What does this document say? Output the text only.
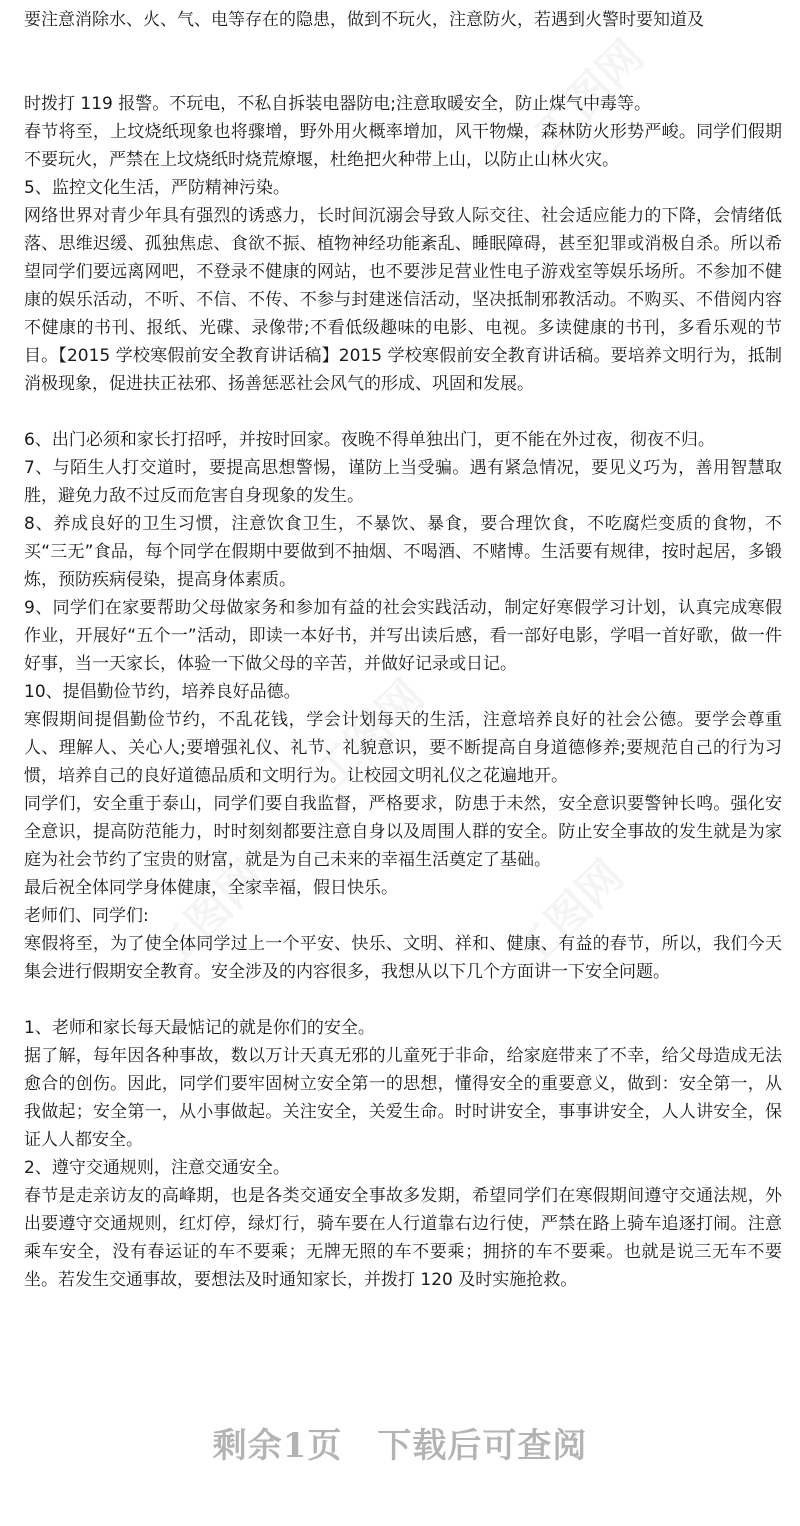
要注意消除水、火、气、电等存在的隐患，做到不玩火，注意防火，若遇到火警时要知道及

时拨打 119 报警。不玩电，不私自拆装电器防电;注意取暖安全，防止煤气中毒等。

春节将至，上坟烧纸现象也将骤增，野外用火概率增加，风干物燥，森林防火形势严峻。同学们假期不要玩火，严禁在上坟烧纸时烧荒燎堰，杜绝把火种带上山，以防止山林火灾。

5、监控文化生活，严防精神污染。

网络世界对青少年具有强烈的诱惑力，长时间沉溺会导致人际交往、社会适应能力的下降，会情绪低落、思维迟缓、孤独焦虑、食欲不振、植物神经功能紊乱、睡眠障碍，甚至犯罪或消极自杀。所以希望同学们要远离网吧，不登录不健康的网站，也不要涉足营业性电子游戏室等娱乐场所。不参加不健康的娱乐活动，不听、不信、不传、不参与封建迷信活动，坚决抵制邪教活动。不购买、不借阅内容不健康的书刊、报纸、光碟、录像带;不看低级趣味的电影、电视。多读健康的书刊，多看乐观的节目。【2015 学校寒假前安全教育讲话稿】2015 学校寒假前安全教育讲话稿。要培养文明行为，抵制消极现象，促进扶正祛邪、扬善惩恶社会风气的形成、巩固和发展。

6、出门必须和家长打招呼，并按时回家。夜晚不得单独出门，更不能在外过夜，彻夜不归。

7、与陌生人打交道时，要提高思想警惕，谨防上当受骗。遇有紧急情况，要见义巧为，善用智慧取胜，避免力敌不过反而危害自身现象的发生。

8、养成良好的卫生习惯，注意饮食卫生，不暴饮、暴食，要合理饮食，不吃腐烂变质的食物，不买“三无”食品，每个同学在假期中要做到不抽烟、不喝酒、不赌博。生活要有规律，按时起居，多锻炼，预防疾病侵染，提高身体素质。

9、同学们在家要帮助父母做家务和参加有益的社会实践活动，制定好寒假学习计划，认真完成寒假作业，开展好“五个一”活动，即读一本好书，并写出读后感，看一部好电影，学唱一首好歌，做一件好事，当一天家长，体验一下做父母的辛苦，并做好记录或日记。

10、提倡勤俭节约，培养良好品德。

寒假期间提倡勤俭节约，不乱花钱，学会计划每天的生活，注意培养良好的社会公德。要学会尊重人、理解人、关心人;要增强礼仪、礼节、礼貌意识，要不断提高自身道德修养;要规范自己的行为习惯，培养自己的良好道德品质和文明行为。让校园文明礼仪之花遍地开。

同学们，安全重于泰山，同学们要自我监督，严格要求，防患于未然，安全意识要警钟长鸣。强化安全意识，提高防范能力，时时刻刻都要注意自身以及周围人群的安全。防止安全事故的发生就是为家庭为社会节约了宝贵的财富，就是为自己未来的幸福生活奠定了基础。

最后祝全体同学身体健康，全家幸福，假日快乐。

老师们、同学们:

寒假将至，为了使全体同学过上一个平安、快乐、文明、祥和、健康、有益的春节，所以，我们今天集会进行假期安全教育。安全涉及的内容很多，我想从以下几个方面讲一下安全问题。

1、老师和家长每天最惦记的就是你们的安全。

据了解，每年因各种事故，数以万计天真无邪的儿童死于非命，给家庭带来了不幸，给父母造成无法愈合的创伤。因此，同学们要牢固树立安全第一的思想，懂得安全的重要意义，做到：安全第一，从我做起；安全第一，从小事做起。关注安全，关爱生命。时时讲安全，事事讲安全，人人讲安全，保证人人都安全。

2、遵守交通规则，注意交通安全。

春节是走亲访友的高峰期，也是各类交通安全事故多发期，希望同学们在寒假期间遵守交通法规，外出要遵守交通规则，红灯停，绿灯行，骑车要在人行道靠右边行使，严禁在路上骑车追逐打闹。注意乘车安全，没有春运证的车不要乘；无牌无照的车不要乘；拥挤的车不要乘。也就是说三无车不要坐。若发生交通事故，要想法及时通知家长，并拨打 120 及时实施抢救。

剩余1页　下载后可查阅
